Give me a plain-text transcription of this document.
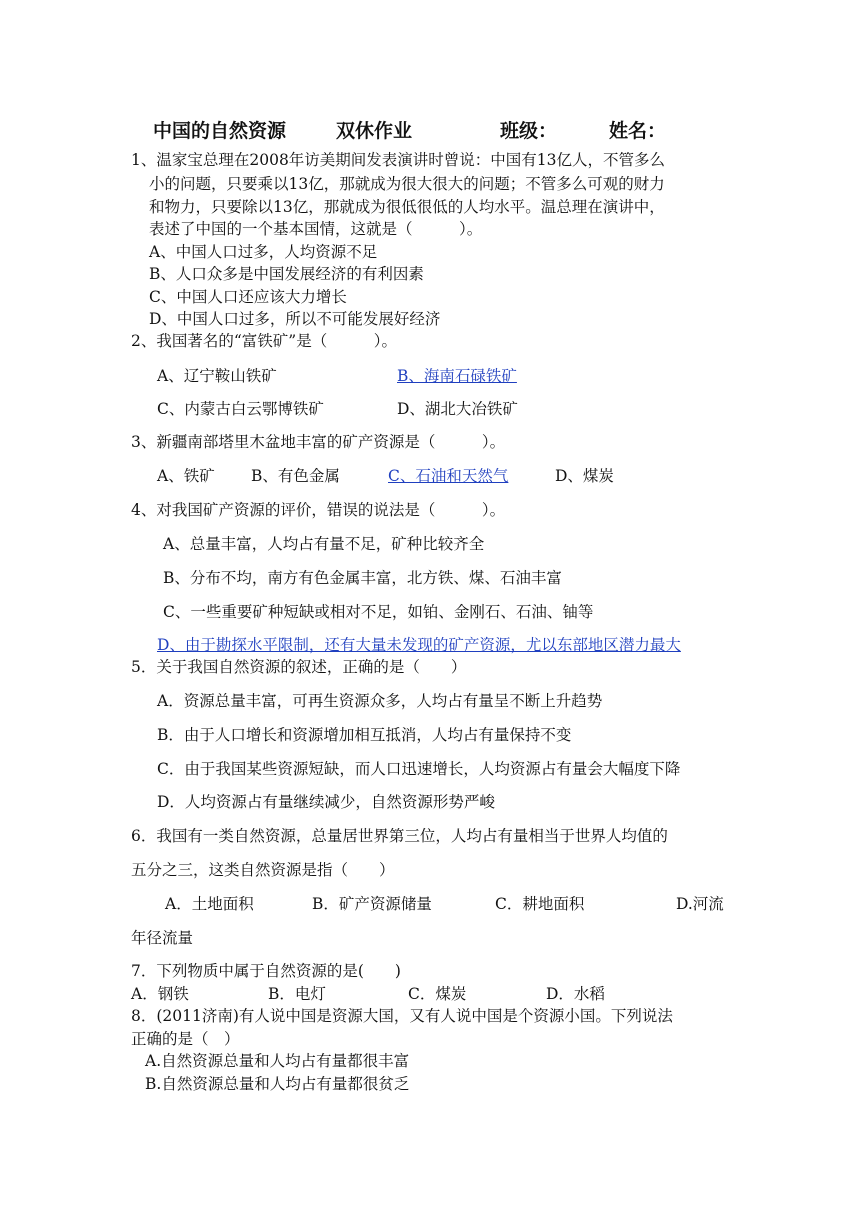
中国的自然资源	双休作业	班级：	姓名：
1、温家宝总理在2008年访美期间发表演讲时曾说：中国有13亿人，不管多么
小的问题，只要乘以13亿，那就成为很大很大的问题；不管多么可观的财力
和物力，只要除以13亿，那就成为很低很低的人均水平。温总理在演讲中，
表述了中国的一个基本国情，这就是（　　　）。
A、中国人口过多，人均资源不足
B、人口众多是中国发展经济的有利因素
C、中国人口还应该大力增长
D、中国人口过多，所以不可能发展好经济
2、我国著名的“富铁矿”是（　　　）。
A、辽宁鞍山铁矿	B、海南石碌铁矿
C、内蒙古白云鄂博铁矿	D、湖北大冶铁矿
3、新疆南部塔里木盆地丰富的矿产资源是（　　　）。
A、铁矿 B、有色金属	C、石油和天然气	D、煤炭
4、对我国矿产资源的评价，错误的说法是（　　　）。
A、总量丰富，人均占有量不足，矿种比较齐全
B、分布不均，南方有色金属丰富，北方铁、煤、石油丰富
C、一些重要矿种短缺或相对不足，如铂、金刚石、石油、铀等
D、由于勘探水平限制，还有大量未发现的矿产资源，尤以东部地区潜力最大
5．关于我国自然资源的叙述，正确的是（　　）
A．资源总量丰富，可再生资源众多，人均占有量呈不断上升趋势
B．由于人口增长和资源增加相互抵消，人均占有量保持不变
C．由于我国某些资源短缺，而人口迅速增长，人均资源占有量会大幅度下降
D．人均资源占有量继续减少，自然资源形势严峻
6．我国有一类自然资源，总量居世界第三位，人均占有量相当于世界人均值的
五分之三，这类自然资源是指（　　）
A．土地面积	B．矿产资源储量	C．耕地面积	D.河流
年径流量
7．下列物质中属于自然资源的是(　　)
A．钢铁	B．电灯	C．煤炭	D．水稻
8．(2011济南)有人说中国是资源大国，又有人说中国是个资源小国。下列说法
正确的是（　）
A.自然资源总量和人均占有量都很丰富
B.自然资源总量和人均占有量都很贫乏
